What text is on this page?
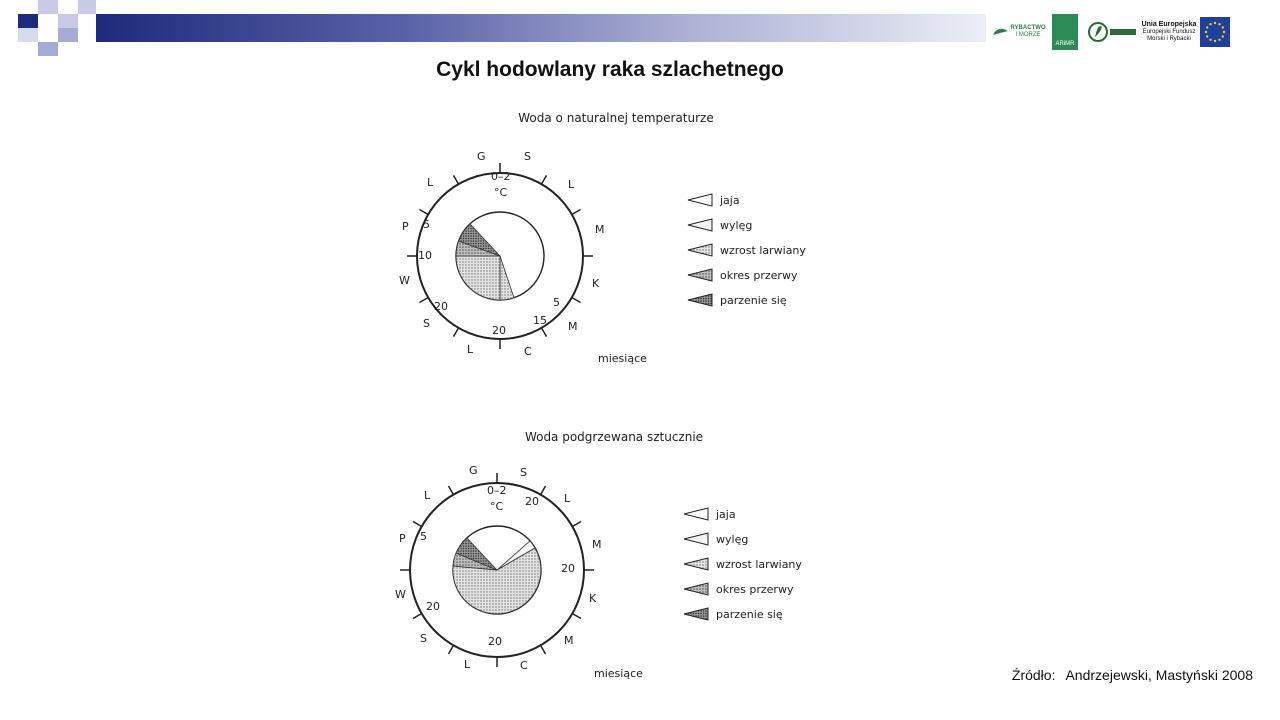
RYBACTWO
I MORZE
ARiMR
Unia Europejska
Europejski Fundusz
Morski i Rybacki
Cykl hodowlany raka szlachetnego
Woda o naturalnej temperaturze
G	S
L
M
K
M
C
L
S
W
P
L	0–2
°C
5
10
20
20
15
5
miesiące
jaja
wylęg
wzrost larwiany
okres przerwy
parzenie się
Woda podgrzewana sztucznie
G	S
L
M
K
M
C
L
S
W
P
L	0–2
°C 20
5
20
20
20
miesiące
jaja
wylęg
wzrost larwiany
okres przerwy
parzenie się
Źródło: Andrzejewski, Mastyński 2008
